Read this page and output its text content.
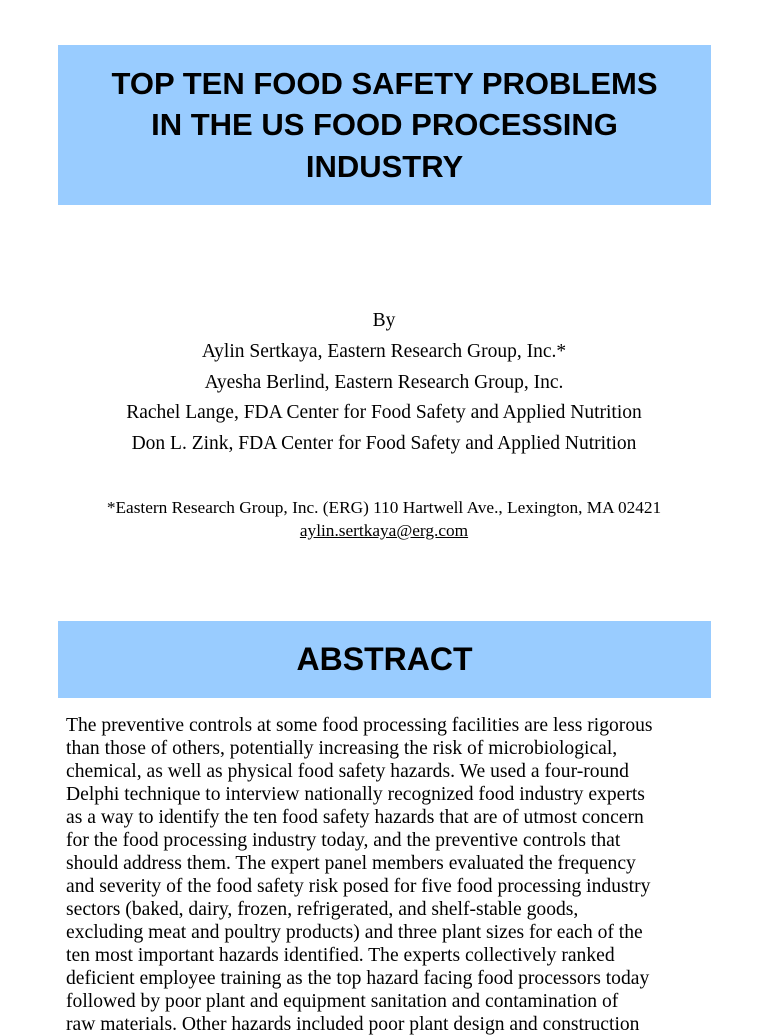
TOP TEN FOOD SAFETY PROBLEMS
IN THE US FOOD PROCESSING
INDUSTRY
By
Aylin Sertkaya, Eastern Research Group, Inc.*
Ayesha Berlind, Eastern Research Group, Inc.
Rachel Lange, FDA Center for Food Safety and Applied Nutrition
Don L. Zink, FDA Center for Food Safety and Applied Nutrition
*Eastern Research Group, Inc. (ERG) 110 Hartwell Ave., Lexington, MA 02421
aylin.sertkaya@erg.com
ABSTRACT
The preventive controls at some food processing facilities are less rigorous
than those of others, potentially increasing the risk of microbiological,
chemical, as well as physical food safety hazards. We used a four-round
Delphi technique to interview nationally recognized food industry experts
as a way to identify the ten food safety hazards that are of utmost concern
for the food processing industry today, and the preventive controls that
should address them. The expert panel members evaluated the frequency
and severity of the food safety risk posed for five food processing industry
sectors (baked, dairy, frozen, refrigerated, and shelf-stable goods,
excluding meat and poultry products) and three plant sizes for each of the
ten most important hazards identified. The experts collectively ranked
deficient employee training as the top hazard facing food processors today
followed by poor plant and equipment sanitation and contamination of
raw materials. Other hazards included poor plant design and construction
